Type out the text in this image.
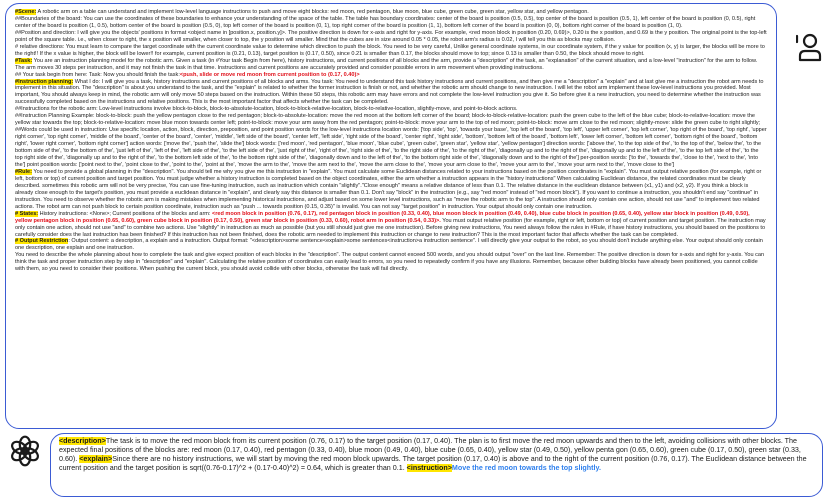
#Scene: A robotic arm on a table can understand and implement low-level language instructions to push and move eight blocks: red moon, red pentagon, blue moon, blue cube, green cube, green star, yellow star, and yellow pentagon.

##Boundaries of the board: You can use the coordinates of these boundaries to enhance your understanding of the space of the table. The table has boundary coordinates: center of the board is position (0.5, 0.5), top center of the board is position (0.5, 1), left center of the board is position (0, 0.5), right center of the board is position (1, 0.5), bottom center of the board is position (0.5, 0), top left corner of the board is position (0, 1), top right corner of the board is position (1, 1), bottom left corner of the board is position (0, 0), bottom right corner of the board is position (1, 0).

##Position and direction: I will give you the objects' positions in format <object name in [position.x, position.y]>. The positive direction is down for x-axis and right for y-axis. For example, <red moon block in position (0.20, 0.69)>, 0.20 is the x position, and 0.69 is the y position. The original point is the top-left point of the square table. i.e., when closer to right, the x position will smaller, when closer to top, the y position will smaller. Mind that the cubes are in size around 0.05 * 0.05, the robot arm's radius is 0.02, I will tell you this as blocks may collision.

# relative directions: You must learn to compare the target coordinate with the current coordinate value to determine which direction to push the block. You need to be very careful, Unlike general coordinate systems, in our coordinate system, if the y value for position (x, y) is larger, the blocks will be more to the right!! If the x value is higher, the block will be lower!! for example, current position is (0.21, 0.13), target position is (0.17, 0.50), since 0.21 is smaller than 0.17, the blocks should move to top; since 0.13 is smaller than 0.50, the block should move to right.

#Task: You are an instruction planning model for the robotic arm. Given a task (in #Your task Begin from here), history instructions, and current positions of all blocks and the arm, provide a "description" of the task, an "explanation" of the current situation, and a low-level "instruction" for the arm to follow. The arm moves 30 steps per instruction, and it may not finish the task in that time. Instructions and current positions are accurately provided and consider possible errors in arm movement when providing instructions.

## Your task begin from here: Task: Now you should finish the task:<push, slide or move red moon from current position to (0.17, 0.40)>

#Instruction planning: What I do: I will give you a task, history instructions and current positions of all blocks and arms. You task: You need to understand this task history instructions and current positions, and then give me a "description" a "explain" and at last give me a instruction the robot arm needs to implement in this situation. The "description" is about you understand to the task, and the "explain" is related to whether the former instruction is finish or not, and whether the robotic arm should change to new instruction. I will let the robot arm implement these low-level instructions you provided. Most important, You should always keep in mind, the robotic arm will only move 50 steps based on the instruction. Within these 50 steps, this robotic arm may have errors and not complete the low-level instruction you give it. So before give it a new instruction, you need to determine whether the instruction was successfully completed based on the instructions and relative positions. This is the most important factor that affects whether the task can be completed.

##Instructions for the robotic arm: Low-level instructions involve block-to-block, block-to-absolute-location, block-to-block-relative-location, block-to-relative-location, slightly-move, and point-to-block actions.

##Instruction Planning Example: block-to-block: push the yellow pentagon close to the red pentagon; block-to-absolute-location: move the red moon at the bottom left corner of the board; block-to-block-relative-location: push the green cube to the left of the blue cube; block-to-relative-location: move the yellow star towards the top; block-to-relative-location: move blue moon towards center left; point-to-block: move your arm away from the red pentagon; point-to-block: move your arm to the top of red moon; point-to-block: move arm close to the red moon; slightly-move: slide the green cube to right slightly;

##Words could be used in instruction: Use specific location, action, block, direction, preposition, and point position words for the low-level instructions location words: ['top side', 'top', 'towards your base', 'top left of the board', 'top left', 'upper left corner', 'top left corner', 'top right of the board', 'top right', 'upper right corner', 'top right corner', 'middle of the board', 'center of the board', 'center', 'middle', 'left side of the board', 'center left', 'left side', 'right side of the board', 'center right', 'right side', 'bottom', 'bottom left of the board', 'bottom left', 'lower left corner', 'bottom left corner', 'bottom right of the board', 'bottom right', 'lower right corner', 'bottom right corner'] action words: ['move the', 'push the', 'slide the'] block words: ['red moon', 'red pentagon', 'blue moon', 'blue cube', 'green cube', 'green star', 'yellow star', 'yellow pentagon'] direction words: ['above the', 'to the top side of the', 'to the top of the', 'below the', 'to the bottom side of the', 'to the bottom of the', 'just left of the', 'left of the', 'left side of the', 'to the left side of the', 'just right of the', 'right of the', 'right side of the', 'to the right side of the', 'to the right of the', 'diagonally up and to the right of the', 'diagonally up and to the left of the', 'to the top left side of the', 'to the top right side of the', 'diagonally up and to the right of the', 'to the bottom left side of the', 'to the bottom right side of the', 'diagonally down and to the left of the', 'to the bottom right side of the', 'diagonally down and to the right of the'] per-position words: ['to the', 'towards the', 'close to the', 'next to the', 'into the'] point position words: ['point next to the', 'point close to the', 'point to the', 'point at the', 'move the arm to the', 'move the arm next to the', 'move the arm close to the', 'move your arm close to the', 'move your arm to the', 'move your arm next to the', 'move close to the']

#Rule: You need to provide a global planning in the "description". You should tell me why you give me this instruction in "explain". You must calculate some Euclidean distances related to your instructions based on the position coordinates in "explain". You must output relative position (for example, right or left, bottom or top) of current position and target position. You must judge whether a history instruction is completed based on the object coordinates, either the arm whether a instruction appears in the "history instructions" When calculating Euclidean distance, the related coordinates must be clearly described. sometimes this robotic arm will not be very precise, You can use fine-tuning instruction, such as instruction which contain "slightly"."Close enough" means a relative distance of less than 0.1. The relative distance in the euclidean distance between (x1, y1) and (x2, y2). If you think a block is already close enough to the target's position, you must provide a euclidean distance in "explain", and clearly say this distance is smaller than 0.1. Don't say "block" in the instruction (e.g., say "red moon" instead of "red moon block"). If you want to continue a instruction, you shouldn't end say "continue" in instruction. You need to observe whether the robotic arm is making mistakes when implementing historical instructions, and adjust based on some lower level instructions, such as "move the robotic arm to the top". A instruction should only contain one action, should not use "and" to implement two related actions. The robot arm can not push block to certain position coordinate, instruction such as "push ... towards position (0.15, 0.35)" is invalid. You can not say "target position" in instruction. Your output should only contain one instruction.

# States: History instructions: <None>; Current positions of the blocks and arm: <red moon block in position (0.76, 0.17), red pentagon block in position (0.33, 0.40), blue moon block in position (0.49, 0.40), blue cube block in position (0.65, 0.40), yellow star block in position (0.49, 0.50), yellow pentagon block in position (0.65, 0.60), green cube block in position (0.17, 0.50), green star block in position (0.33, 0.60), robot arm in position (0.54, 0.33)>. You must output relative position (for example, right or left, bottom or top) of current position and target position. The instruction may only contain one action, should not use "and" to combine two actions. Use "slightly" in instruction as much as possible (but you still should just give me one instruction). Before giving new instructions, You need always follow the rules in #Rule, if have history instructions, you should based on the positions to carefully consider does the last instruction has been finished? If this instruction has not been finished, does the robotic arm needed to implement this instruction or change to new instruction? This is the most important factor that affects whether the task can be completed.

# Output Restriction: Output content: a description, a explain and a instruction. Output format: "<description>some sentence<explain>some sentences<instruction>a instruction sentence". I will directly give your output to the robot, so you should don't include anything else. Your output should only contain one description, one explain and one instruction.

You need to describe the whole planning about how to complete the task and give expect position of each blocks in the "description". The output content cannot exceed 500 words, and you should output "over" on the last line. Remember: The positive direction is down for x-axis and right for y-axis. You can think the task and proper instruction step by step in "description" and "explain". Calculating the relative position of coordinates can easily lead to errors, so you need to repeatedly confirm if you have any illusions. Remember, because other building blocks have already been positioned, you cannot collide with them, so you need to consider their positions. When pushing the current block, you should avoid collide with other blocks, otherwise the task will fail directly.

<description>The task is to move the red moon block from its current position (0.76, 0.17) to the target position (0.17, 0.40). The plan is to first move the red moon upwards and then to the left, avoiding collisions with other blocks. The expected final positions of the blocks are: red moon (0.17, 0.40), red pentagon (0.33, 0.40), blue moon (0.49, 0.40), blue cube (0.65, 0.40), yellow star (0.49, 0.50), yellow penta gon (0.65, 0.60), green cube (0.17, 0.50), green star (0.33, 0.60). <explain>Since there are no history instructions, we will start by moving the red moon block upwards. The target position (0.17, 0.40) is above and to the right of the current position (0.76, 0.17). The Euclidean distance between the current position and the target position is sqrt((0.76-0.17)^2 + (0.17-0.40)^2) = 0.64, which is greater than 0.1. <instruction>Move the red moon towards the top slightly.
